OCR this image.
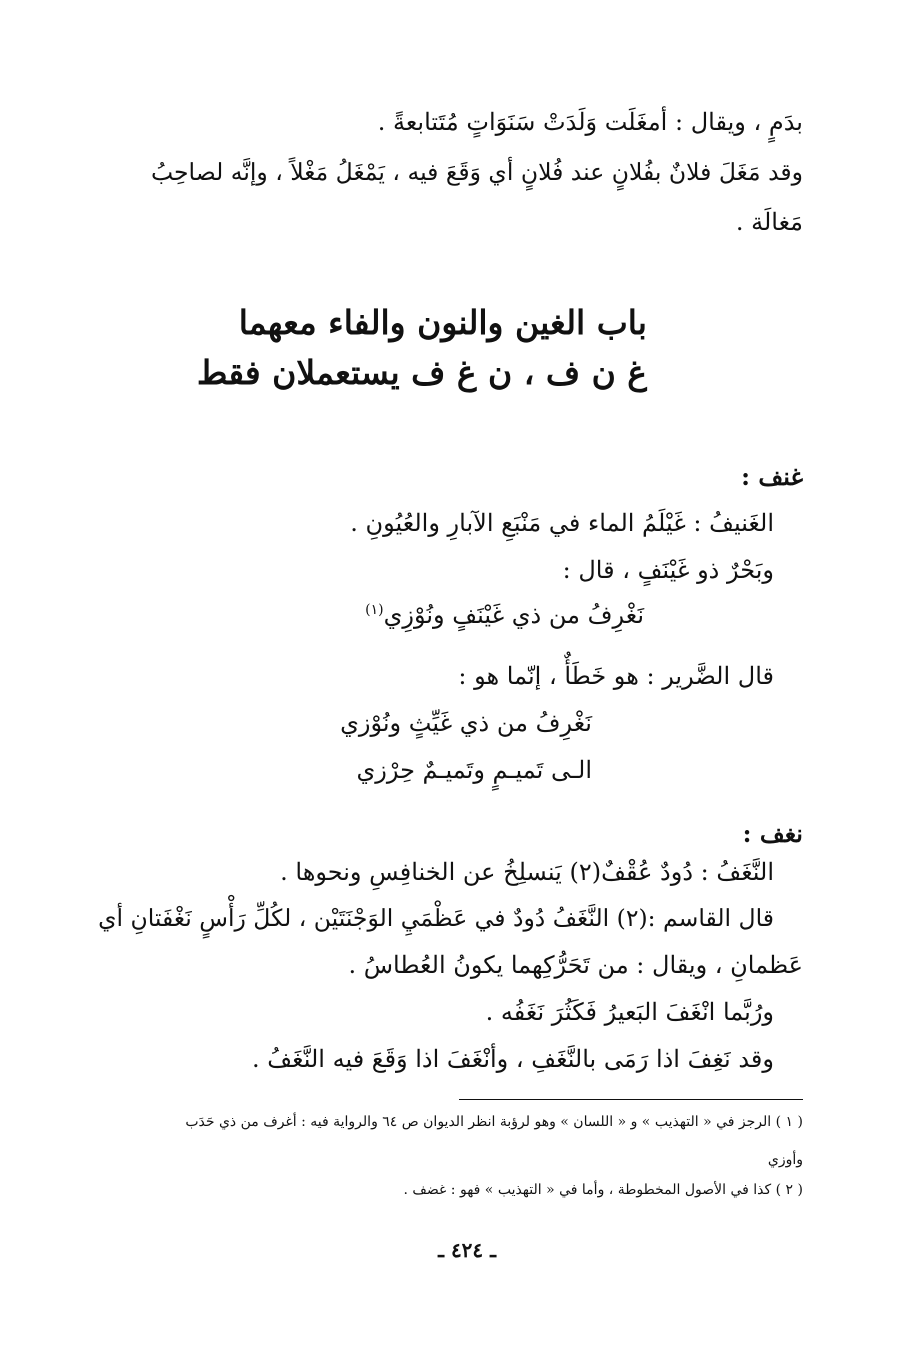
بدَمٍ ، ويقال : أمغَلَت وَلَدَتْ سَنَوَاتٍ مُتَتابعةً .
وقد مَغَلَ فلانٌ بفُلانٍ عند فُلانٍ أي وَقَعَ فيه ، يَمْغَلُ مَغْلاً ، وإنَّه لصاحِبُ
مَغالَة .
باب الغين والنون والفاء معهما
غ ن ف ، ن غ ف يستعملان فقط
غنف :
الغَنيفُ : غَيْلَمُ الماء في مَنْبَعِ الآبارِ والعُيُونِ .
وبَحْرٌ ذو غَيْنَفٍ ، قال :
نَغْرِفُ من ذي غَيْنَفٍ ونُوْزِي$^{(١)}$
قال الضَّرير : هو خَطَأٌ ، إنّما هو :
نَغْرِفُ من ذي غَيِّثٍ ونُوْزي
الـى تَميـمٍ وتَميـمٌ حِرْزي
نغف :
النَّغَفُ : دُودٌ عُقْفٌ(٢) يَنسلِخُ عن الخنافِسِ ونحوها .
قال القاسم :(٢) النَّغَفُ دُودٌ في عَظْمَيِ الوَجْنَتَيْن ، لكُلِّ رَأْسٍ نَغْفَتانِ أي
عَظمانِ ، ويقال : من تَحَرُّكِهما يكونُ العُطاسُ .
ورُبَّما انْغَفَ البَعيرُ فَكَثُرَ نَغَفُه .
وقد نَغِفَ اذا رَمَى بالنَّغَفِ ، وأنْغَفَ اذا وَقَعَ فيه النَّغَفُ .
( ١ ) الرجز في « التهذيب » و « اللسان » وهو لرؤبة انظر الديوان ص ٦٤ والرواية فيه : أغرف من ذي حَدَب
وأوزي
( ٢ ) كذا في الأصول المخطوطة ، وأما في « التهذيب » فهو : غضف .
ـ ٤٢٤ ـ
